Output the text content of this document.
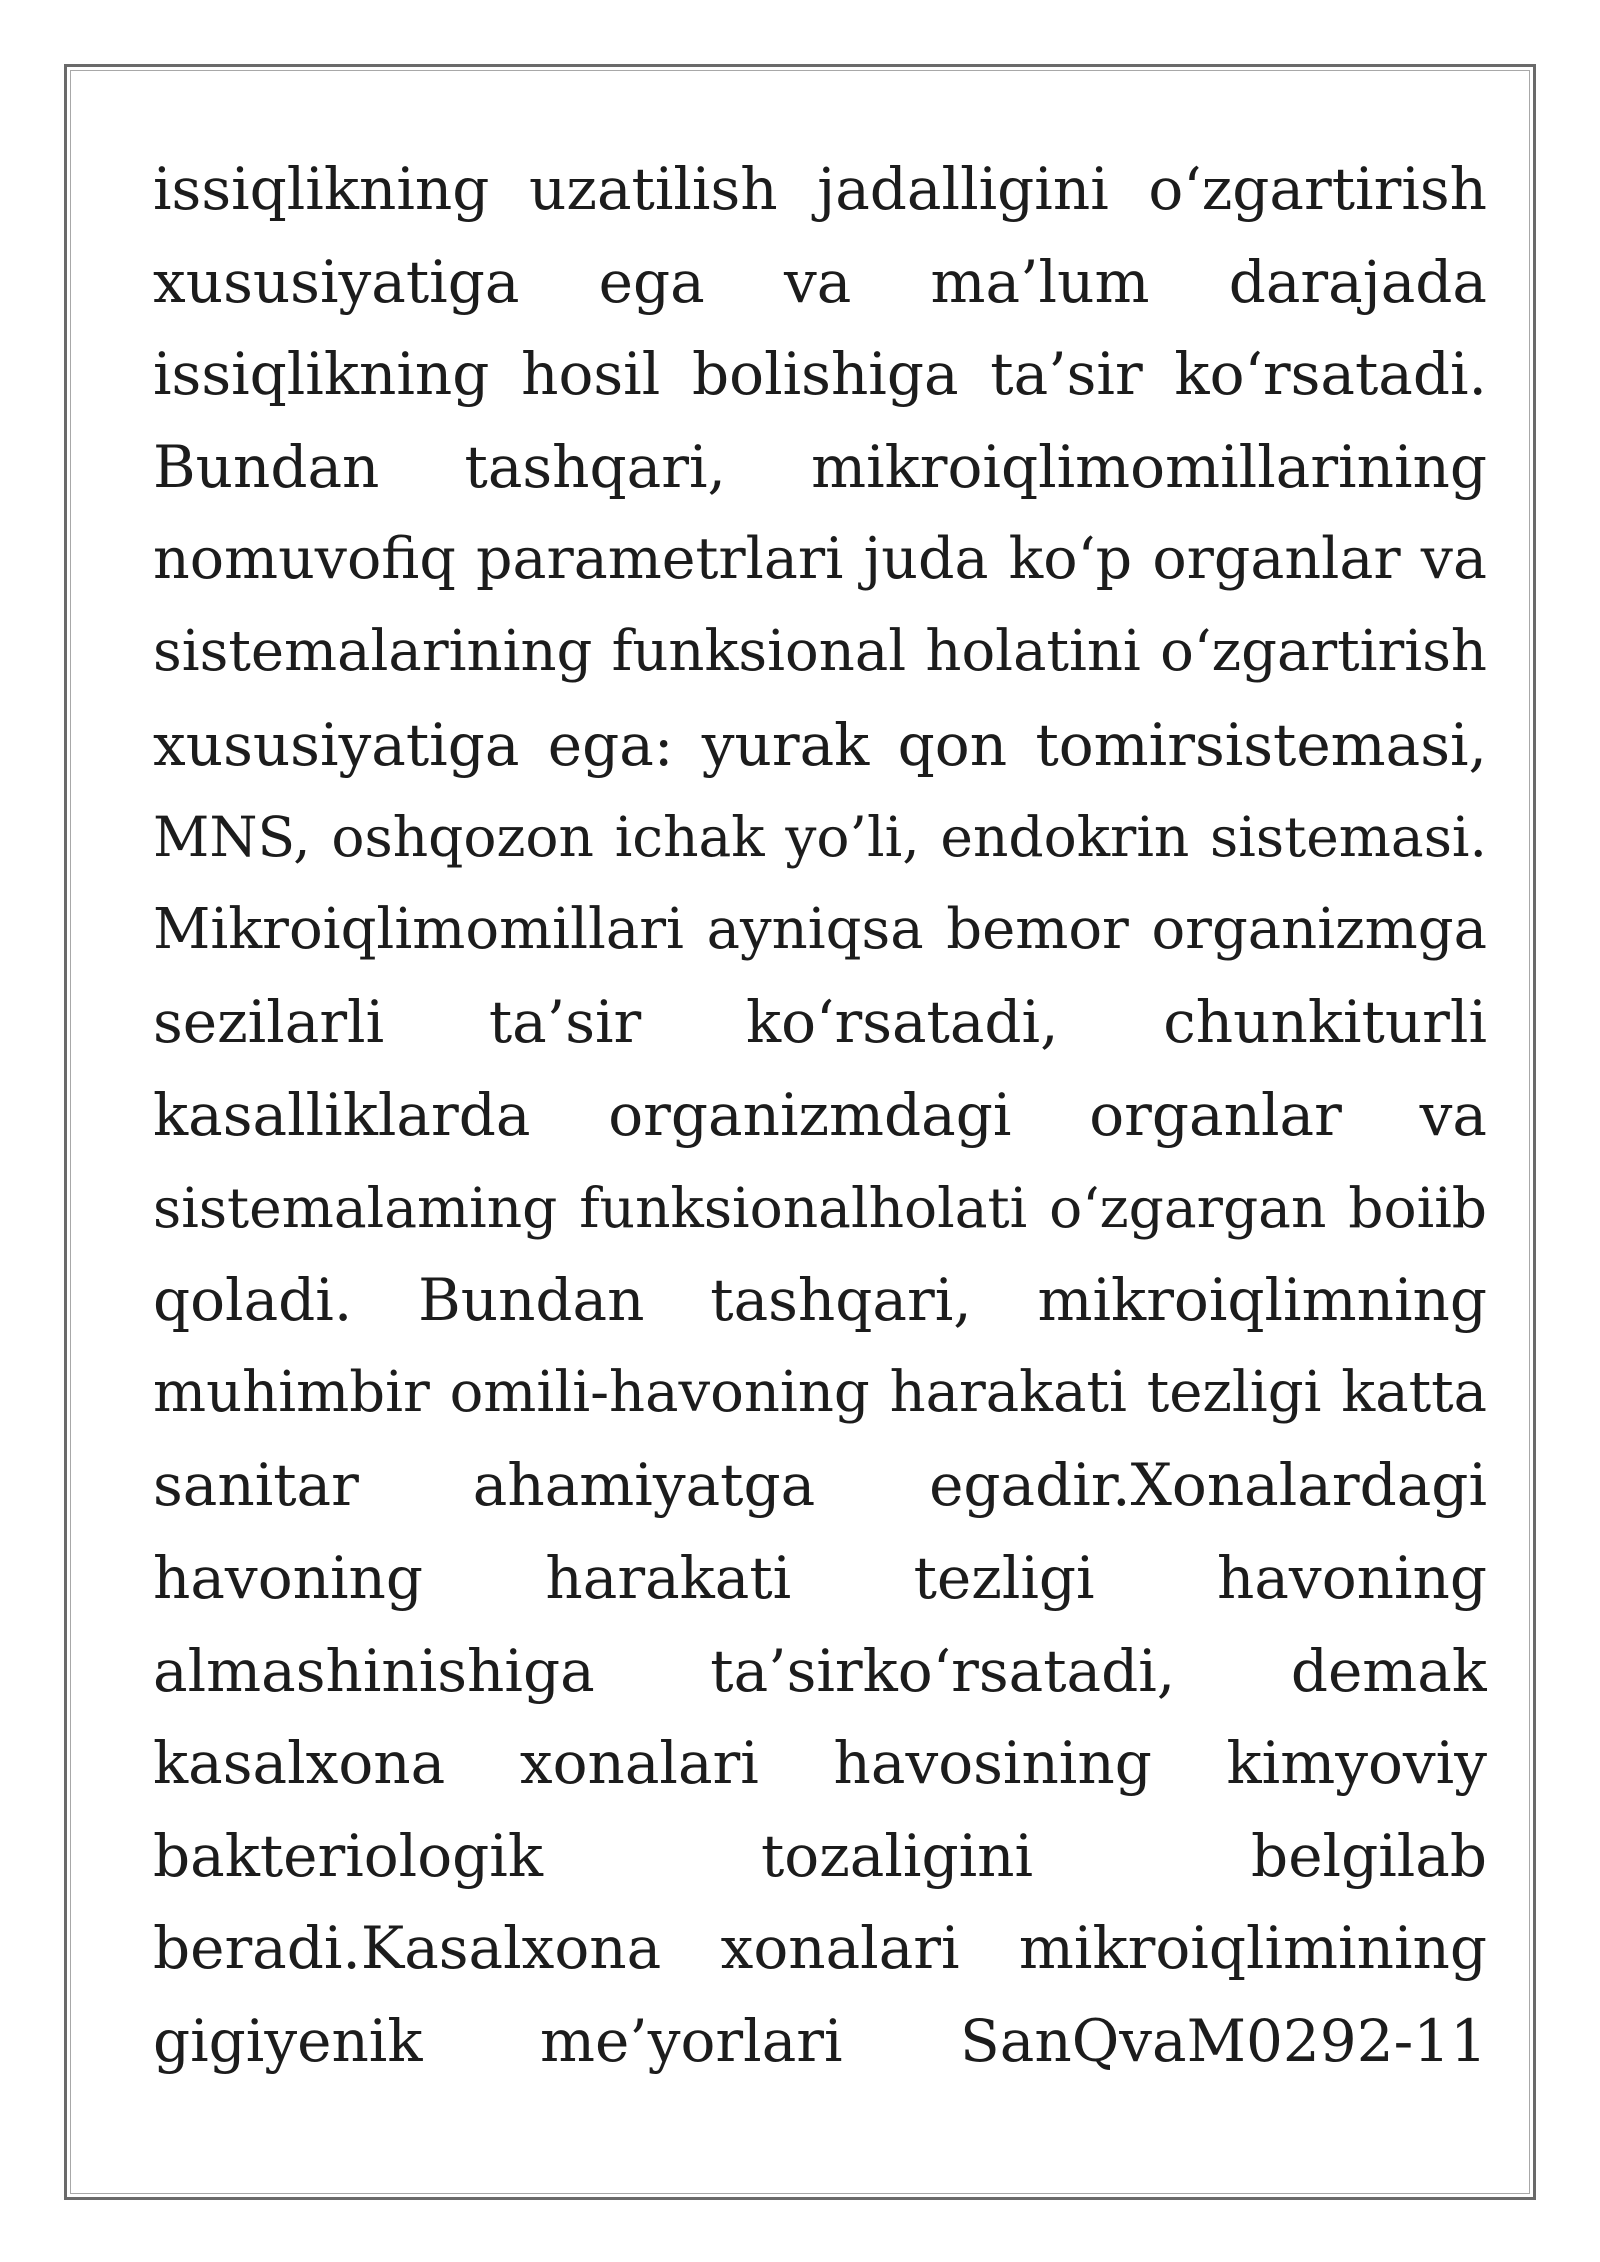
issiqlikning uzatilish jadalligini o‘zgartirish
xususiyatiga ega va ma’lum darajada
issiqlikning hosil bolishiga ta’sir ko‘rsatadi.
Bundan tashqari, mikroiqlimomillarining
nomuvofiq parametrlari juda ko‘p organlar va
sistemalarining funksional holatini o‘zgartirish
xususiyatiga ega: yurak qon tomirsistemasi,
MNS, oshqozon ichak yo’li, endokrin sistemasi.
Mikroiqlimomillari ayniqsa bemor organizmga
sezilarli ta’sir ko‘rsatadi, chunkiturli
kasalliklarda organizmdagi organlar va
sistemalaming funksionalholati o‘zgargan boiib
qoladi. Bundan tashqari, mikroiqlimning
muhimbir omili-havoning harakati tezligi katta
sanitar ahamiyatga egadir.Xonalardagi
havoning harakati tezligi havoning
almashinishiga ta’sirko‘rsatadi, demak
kasalxona xonalari havosining kimyoviy
bakteriologik tozaligini belgilab
beradi.Kasalxona xonalari mikroiqlimining
gigiyenik me’yorlari SanQvaM0292-11
